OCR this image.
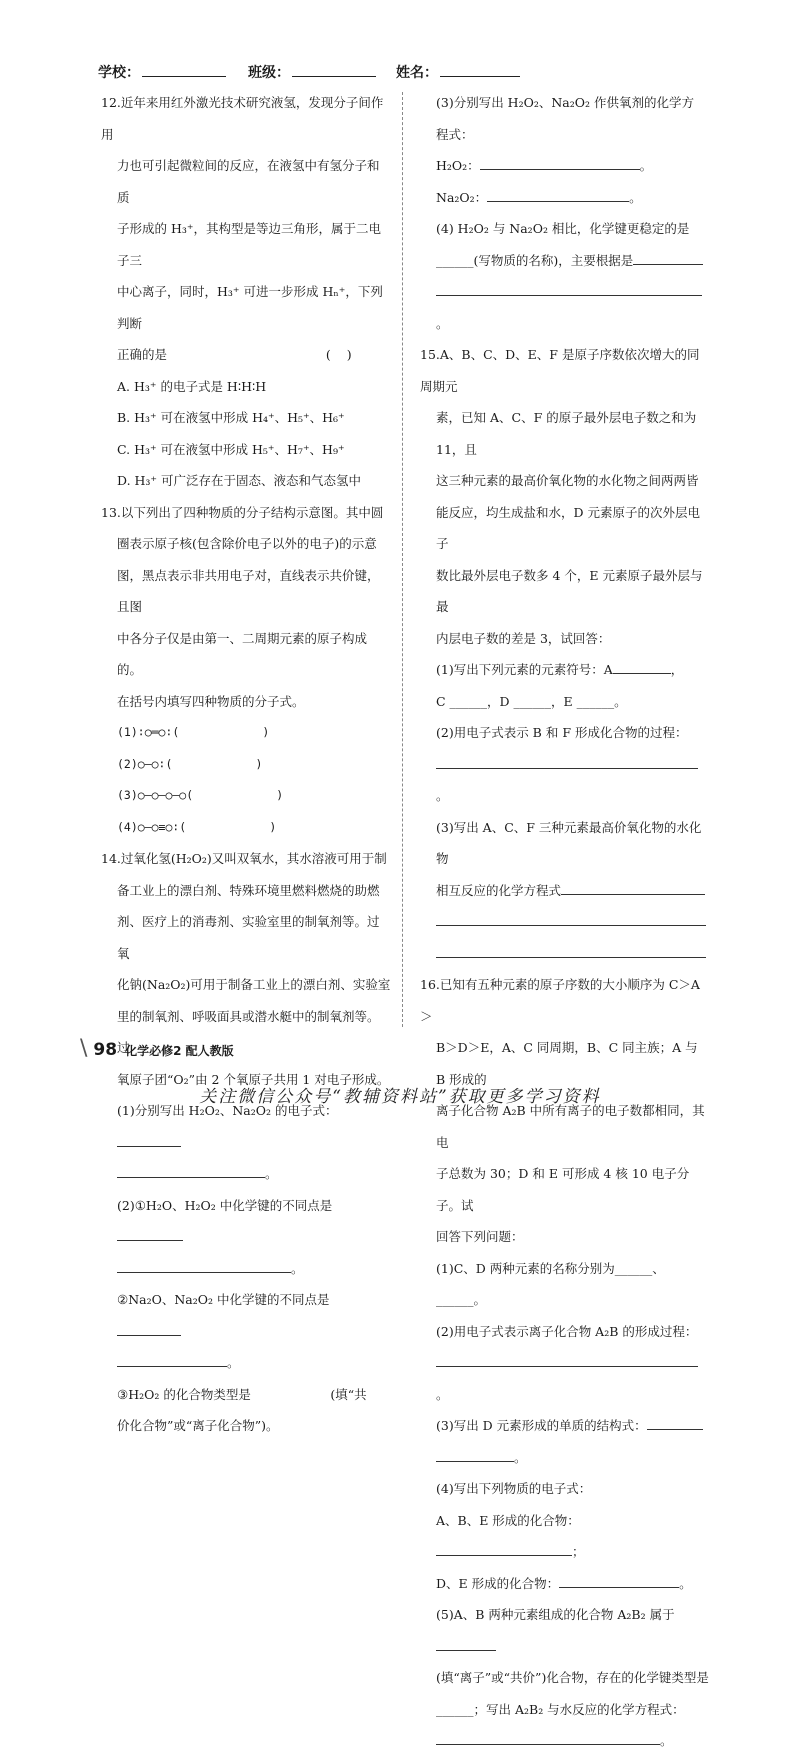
学校：	班级：	姓名：
12.近年来用红外激光技术研究液氢，发现分子间作用
力也可引起微粒间的反应，在液氢中有氢分子和质
子形成的 H₃⁺，其构型是等边三角形，属于二电子三
中心离子，同时，H₃⁺ 可进一步形成 Hₙ⁺，下列判断
正确的是                                        (    )
A. H₃⁺ 的电子式是 H∶H∶H
B. H₃⁺ 可在液氢中形成 H₄⁺、H₅⁺、H₆⁺
C. H₃⁺ 可在液氢中形成 H₅⁺、H₇⁺、H₉⁺
D. H₃⁺ 可广泛存在于固态、液态和气态氢中
13.以下列出了四种物质的分子结构示意图。其中圆
圈表示原子核(包含除价电子以外的电子)的示意
图，黑点表示非共用电子对，直线表示共价键，且图
中各分子仅是由第一、二周期元素的原子构成的。
在括号内填写四种物质的分子式。
(1)∶○═○∶(            )
(2)○—○∶(            )
(3)○—○—○—○(            )
(4)○—○≡○∶(            )
14.过氧化氢(H₂O₂)又叫双氧水，其水溶液可用于制
备工业上的漂白剂、特殊环境里燃料燃烧的助燃
剂、医疗上的消毒剂、实验室里的制氧剂等。过氧
化钠(Na₂O₂)可用于制备工业上的漂白剂、实验室
里的制氧剂、呼吸面具或潜水艇中的制氧剂等。过
氧原子团“O₂”由 2 个氧原子共用 1 对电子形成。
(1)分别写出 H₂O₂、Na₂O₂ 的电子式：
。
(2)①H₂O、H₂O₂ 中化学键的不同点是
。
②Na₂O、Na₂O₂ 中化学键的不同点是
。
③H₂O₂ 的化合物类型是                    (填“共
价化合物”或“离子化合物”)。
(3)分别写出 H₂O₂、Na₂O₂ 作供氧剂的化学方
程式：
H₂O₂：	。
Na₂O₂：	。
(4) H₂O₂ 与 Na₂O₂ 相比，化学键更稳定的是
______(写物质的名称)，主要根据是
。
15.A、B、C、D、E、F 是原子序数依次增大的同周期元
素，已知 A、C、F 的原子最外层电子数之和为 11，且
这三种元素的最高价氧化物的水化物之间两两皆
能反应，均生成盐和水，D 元素原子的次外层电子
数比最外层电子数多 4 个，E 元素原子最外层与最
内层电子数的差是 3，试回答：
(1)写出下列元素的元素符号：A	，
C ______，D ______，E ______。
(2)用电子式表示 B 和 F 形成化合物的过程：
。
(3)写出 A、C、F 三种元素最高价氧化物的水化物
相互反应的化学方程式
16.已知有五种元素的原子序数的大小顺序为 C＞A＞
B＞D＞E，A、C 同周期，B、C 同主族；A 与 B 形成的
离子化合物 A₂B 中所有离子的电子数都相同，其电
子总数为 30；D 和 E 可形成 4 核 10 电子分子。试
回答下列问题：
(1)C、D 两种元素的名称分别为______、______。
(2)用电子式表示离子化合物 A₂B 的形成过程：
。
(3)写出 D 元素形成的单质的结构式：
。
(4)写出下列物质的电子式：
A、B、E 形成的化合物：；
D、E 形成的化合物：	。
(5)A、B 两种元素组成的化合物 A₂B₂ 属于
(填“离子”或“共价”)化合物，存在的化学键类型是
______；写出 A₂B₂ 与水反应的化学方程式：
。
\ 98 化学必修2 配人教版
关注微信公众号“教辅资料站”获取更多学习资料
